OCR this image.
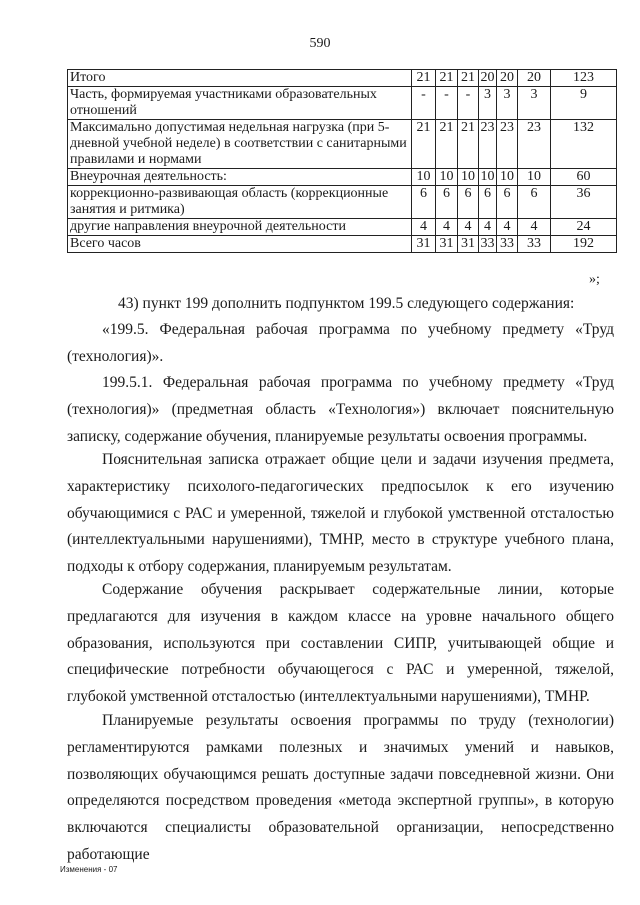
590
Итого	21	21	21	20	20	20	123
Часть, формируемая участниками образовательных отношений	-	-	-	3	3	3	9
Максимально допустимая недельная нагрузка (при 5-дневной учебной неделе) в соответствии с санитарными правилами и нормами	21	21	21	23	23	23	132
Внеурочная деятельность:	10	10	10	10	10	10	60
коррекционно-развивающая область (коррекционные занятия и ритмика)	6	6	6	6	6	6	36
другие направления внеурочной деятельности	4	4	4	4	4	4	24
Всего часов	31	31	31	33	33	33	192
»;

43) пункт 199 дополнить подпунктом 199.5 следующего содержания:

«199.5. Федеральная рабочая программа по учебному предмету «Труд (технология)».

199.5.1. Федеральная рабочая программа по учебному предмету «Труд (технология)» (предметная область «Технология») включает пояснительную записку, содержание обучения, планируемые результаты освоения программы.

Пояснительная записка отражает общие цели и задачи изучения предмета, характеристику психолого-педагогических предпосылок к его изучению обучающимися с РАС и умеренной, тяжелой и глубокой умственной отсталостью (интеллектуальными нарушениями), ТМНР, место в структуре учебного плана, подходы к отбору содержания, планируемым результатам.

Содержание обучения раскрывает содержательные линии, которые предлагаются для изучения в каждом классе на уровне начального общего образования, используются при составлении СИПР, учитывающей общие и специфические потребности обучающегося с РАС и умеренной, тяжелой, глубокой умственной отсталостью (интеллектуальными нарушениями), ТМНР.

Планируемые результаты освоения программы по труду (технологии) регламентируются рамками полезных и значимых умений и навыков, позволяющих обучающимся решать доступные задачи повседневной жизни. Они определяются посредством проведения «метода экспертной группы», в которую включаются специалисты образовательной организации, непосредственно работающие

Изменения - 07
